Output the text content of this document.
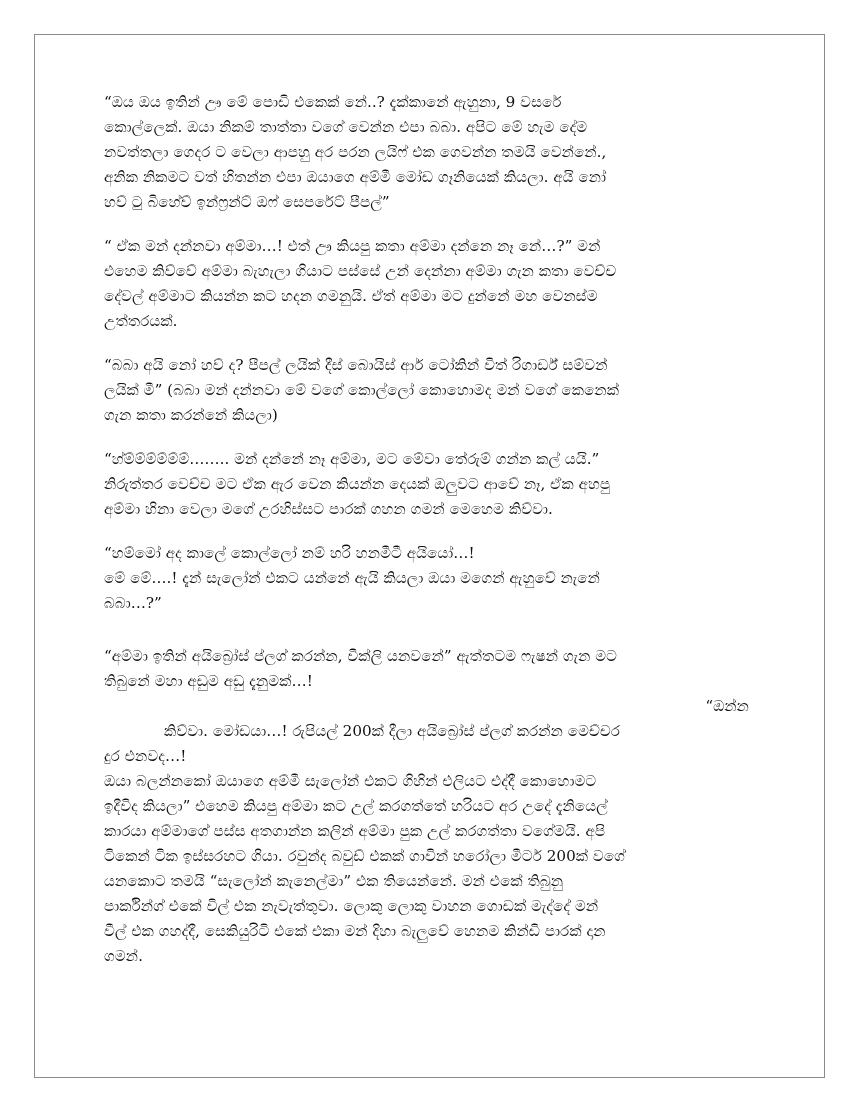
“ඔය ඔය ඉතින් ඌ මේ පොඩි එකෙක් නේ..? දැක්කානේ ඇහුනා, 9 වසරේ
කොල්ලෙක්. ඔයා නිකම් තාත්තා වගේ වෙන්න එපා බබා. අපිට මේ හැම දේම
නවත්තලා ගෙදර ට වෙලා ආපහු අර පරන ලයිෆ් එක ගෙවන්න තමයි වෙන්නේ.,
අනික නිකමට වත් හිතන්න එපා ඔයාගෙ අම්මී මෝඩ ගෑනියෙක් කියලා. අයි නෝ
හව් ටු බිහේව් ඉන්ෆ්‍රන්ට් ඔෆ් සෙපරේට් පීපල්”

“ ඒක මන් දන්නවා අම්මා…! එත් ඌ කියපු කතා අම්මා දන්නෙ නෑ නේ…?” මන්
එහෙම කිව්වේ අම්මා බැහැලා ගියාට පස්සේ උන් දෙන්නා අම්මා ගැන කතා වෙච්ච
දේවල් අම්මාට කියන්න කට හදන ගමනුයි. ඒත් අම්මා මට දුන්නේ මහ වෙනස්ම
උත්තරයක්.

“බබා අයි නෝ හව් ද? පීපල් ලයික් දීස් බොයිස් ආර් ටෝකින් විත් රිගාර්ඩ් සම්වන්
ලයික් මී” (බබා මන් දන්නවා මේ වගේ කොල්ලෝ කොහොමද මන් වගේ කෙනෙක්
ගැන කතා කරන්නේ කියලා)

“හ්ම්ම්ම්ම්ම්ම්…….. මන් දන්නේ නෑ අම්මා, මට මේවා තේරුම් ගන්න කල් යයි.”
නිරුත්තර වෙච්ච මට ඒක ඇර වෙන කියන්න දෙයක් ඔලුවට ආවේ නෑ, ඒක අහපු
අම්මා හිනා වෙලා මගේ උරහිස්සට පාරක් ගහන ගමන් මෙහෙම කිව්වා.

“හම්මෝ අද කාලේ කොල්ලෝ නම් හරි හනමීටී අයියෝ…!
මේ මේ….! දැන් සැලෝන් එකට යන්නේ ඇයි කියලා ඔයා මගෙන් ඇහුවේ නැනේ
බබා…?”

“අම්මා ඉතින් අයිබ්‍රෝස් ප්ලග් කරන්න, වීක්ලි යනවනේ” ඇත්තටම ෆැෂන් ගැන මට
තිබුනේ මහා අඩුම අඩු දැනුමක්…!

“ඔන්න
කිව්වා. මෝඩයා…! රුපියල් 200ක් දීලා අයිබ්‍රෝස් ප්ලග් කරන්න මෙච්චර
දුර එනවද…!
ඔයා බලන්නකෝ ඔයාගෙ අම්මී සැලෝන් එකට ගිහින් එලියට එද්දී කොහොමට
ඉදීවිද කියලා” එහෙම කියපු අම්මා කට උල් කරගත්තේ හරියට අර උදේ දැනියෙල්
කාරයා අම්මාගේ පස්ස අතගාන්න කලින් අම්මා පුක උල් කරගත්තා වගේමයි. අපි
ටිකෙන් ටික ඉස්සරහට ගියා. රවුන්ද බවුඩ් එකක් ගාවින් හරෝලා මීටර් 200ක් වගේ
යනකොට තමයි “සැලෝන් කැනෙල්මා” එක තියෙන්නේ. මන් එකේ තිබුනු
පාර්කින්ග් එකේ විල් එක නැවැත්තුවා. ලොකු ලොකු වාහන ගොඩක් මැද්දේ මන්
වීල් එක ගහද්දී, සෙකියුරිටි එකේ එකා මන් දිහා බැලුවේ හෙනම කින්ඩි පාරක් දාන
ගමන්.
